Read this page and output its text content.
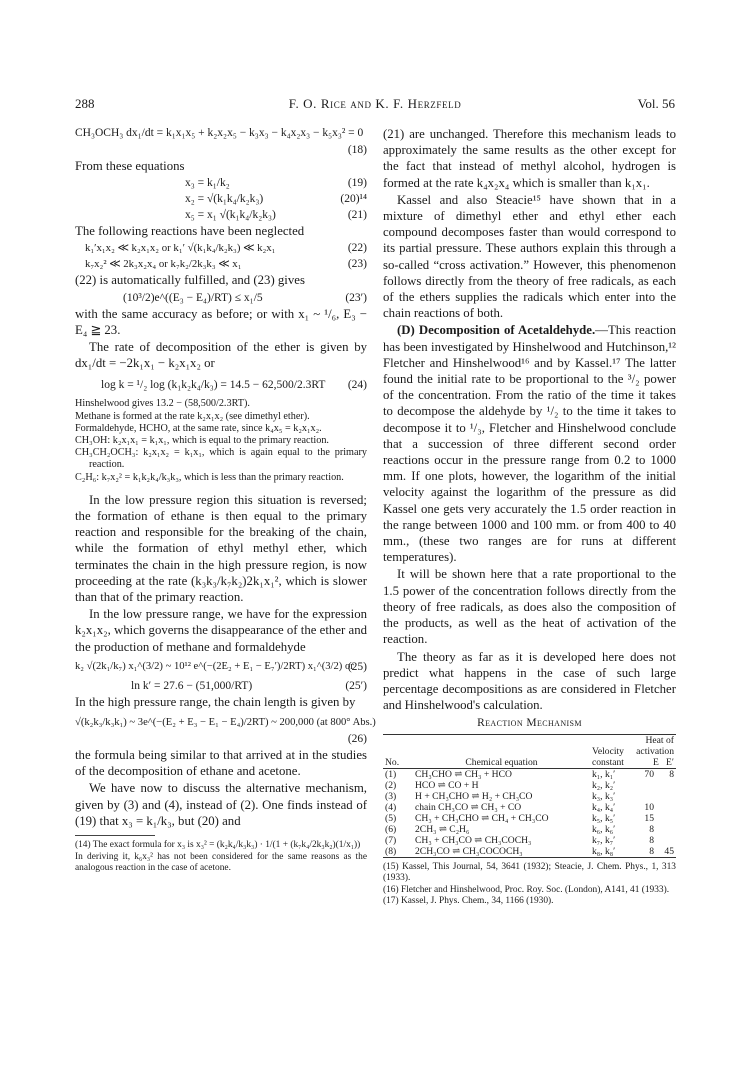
288	F. O. Rice and K. F. Herzfeld	Vol. 56
CH₃OCH₃ dx₁/dt = k₁x₁x₅ + k₂x₂x₅ − k₃x₃ − k₄x₂x₃ − k₅x₃² = 0
(18)

From these equations

x₃ = k₁/k₂	(19)
x₂ = √(k₁k₄/k₂k₃)	(20)¹⁴
x₅ = x₁ √(k₁k₄/k₂k₃)	(21)

The following reactions have been neglected

k₁′x₁x₂ ≪ k₂x₁x₂ or k₁′ √(k₁k₄/k₂k₃) ≪ k₂x₁	(22)
k₇x₂² ≪ 2k₃x₂x₄ or k₇k₂/2k₃k₃ ≪ x₁	(23)

(22) is automatically fulfilled, and (23) gives

(10³/2)e^((E₃ − E₄)/RT) ≤ x₁/5	(23′)

with the same accuracy as before; or with x₁ ~ ¹/₆, E₃ − E₄ ≧ 23.

The rate of decomposition of the ether is given by dx₁/dt = −2k₁x₁ − k₂x₁x₂ or

log k = ¹/₂ log (k₁k₂k₄/k₃) = 14.5 − 62,500/2.3RT (24)
Hinshelwood gives 13.2 − (58,500/2.3RT).
Methane is formed at the rate k₂x₁x₂ (see dimethyl ether).
Formaldehyde, HCHO, at the same rate, since k₄x₅ = k₂x₁x₂.
CH₃OH: k₂x₁x₁ = k₁x₁, which is equal to the primary reaction.
CH₃CH₂OCH₃: k₂x₁x₂ = k₁x₁, which is again equal to the primary reaction.
C₂H₆: k₇x₂² = k₁k₂k₄/k₃k₃, which is less than the primary reaction.

In the low pressure region this situation is reversed; the formation of ethane is then equal to the primary reaction and responsible for the breaking of the chain, while the formation of ethyl methyl ether, which terminates the chain in the high pressure region, is now proceeding at the rate (k₃k₃/k₇k₂)2k₁x₁², which is slower than that of the primary reaction.

In the low pressure range, we have for the expression k₂x₁x₂, which governs the disappearance of the ether and the production of methane and formaldehyde

k₂ √(2k₁/k₇) x₁^(3/2) ~ 10¹² e^(−(2E₂ + E₁ − E₇′)/2RT) x₁^(3/2) or
(25)
ln k′ = 27.6 − (51,000/RT)	(25′)

In the high pressure range, the chain length is given by

√(k₂k₃/k₃k₁) ~ 3e^(−(E₂ + E₃ − E₁ − E₄)/2RT) ~ 200,000 (at 800° Abs.)
(26)

the formula being similar to that arrived at in the studies of the decomposition of ethane and acetone.

We have now to discuss the alternative mechanism, given by (3) and (4), instead of (2). One finds instead of (19) that x₃ = k₁/k₃, but (20) and

(14) The exact formula for x₃ is x₃² = (k₂k₄/k₃k₃) · 1/(1 + (k₇k₄/2k₃k₂)(1/x₁))
In deriving it, k₆x₃² has not been considered for the same reasons as the analogous reaction in the case of acetone.

(21) are unchanged. Therefore this mechanism leads to approximately the same results as the other except for the fact that instead of methyl alcohol, hydrogen is formed at the rate k₄x₂x₄ which is smaller than k₁x₁.

Kassel and also Steacie¹⁵ have shown that in a mixture of dimethyl ether and ethyl ether each compound decomposes faster than would correspond to its partial pressure. These authors explain this through a so-called “cross activation.” However, this phenomenon follows directly from the theory of free radicals, as each of the ethers supplies the radicals which enter into the chain reactions of both.

(D) Decomposition of Acetaldehyde.—This reaction has been investigated by Hinshelwood and Hutchinson,¹² Fletcher and Hinshelwood¹⁶ and by Kassel.¹⁷ The latter found the initial rate to be proportional to the ³/₂ power of the concentration. From the ratio of the time it takes to decompose the aldehyde by ¹/₂ to the time it takes to decompose it to ¹/₃, Fletcher and Hinshelwood conclude that a succession of three different second order reactions occur in the pressure range from 0.2 to 1000 mm. If one plots, however, the logarithm of the initial velocity against the logarithm of the pressure as did Kassel one gets very accurately the 1.5 order reaction in the range between 1000 and 100 mm. or from 400 to 40 mm., (these two ranges are for runs at different temperatures).

It will be shown here that a rate proportional to the 1.5 power of the concentration follows directly from the theory of free radicals, as does also the composition of the products, as well as the heat of activation of the reaction.

The theory as far as it is developed here does not predict what happens in the case of such large percentage decompositions as are considered in Fletcher and Hinshelwood's calculation.

Reaction Mechanism
No.	Chemical equation	Velocity constant	Heat of activation
E E′	

(1)	CH₃CHO ⇌ CH₃ + HCO	k₁, k₁′	70	8
(2)	HCO ⇌ CO + H	k₂, k₂′		
(3)	H + CH₃CHO ⇌ H₂ + CH₃CO	k₃, k₃′		
(4)	chain CH₃CO ⇌ CH₃ + CO	k₄, k₄′	10	
(5)	CH₃ + CH₃CHO ⇌ CH₄ + CH₃CO	k₅, k₅′	15	
(6)	2CH₃ ⇌ C₂H₆	k₆, k₆′	8	
(7)	CH₃ + CH₃CO ⇌ CH₃COCH₃	k₇, k₇′	8	
(8)	2CH₃CO ⇌ CH₃COCOCH₃	k₈, k₈′	8	45
(15) Kassel, This Journal, 54, 3641 (1932); Steacie, J. Chem. Phys., 1, 313 (1933).
(16) Fletcher and Hinshelwood, Proc. Roy. Soc. (London), A141, 41 (1933).
(17) Kassel, J. Phys. Chem., 34, 1166 (1930).
